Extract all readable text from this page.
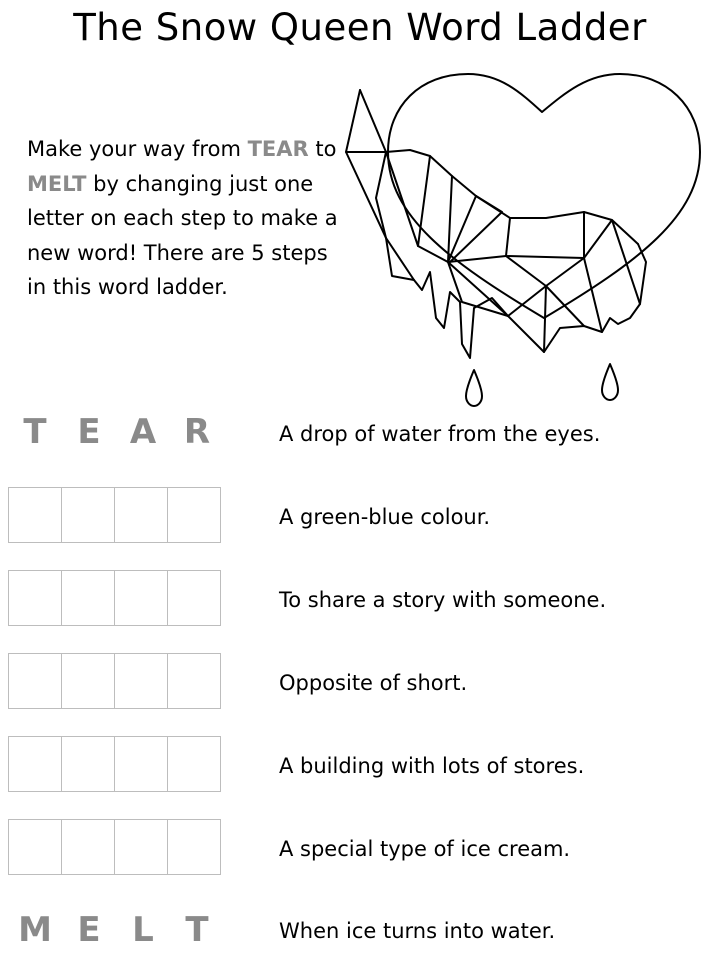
The Snow Queen Word Ladder
Make your way from TEAR to MELT by changing just one letter on each step to make a new word! There are 5 steps in this word ladder.
T E A R	A drop of water from the eyes.
A green-blue colour.
To share a story with someone.
Opposite of short.
A building with lots of stores.
A special type of ice cream.
M E L T	When ice turns into water.
